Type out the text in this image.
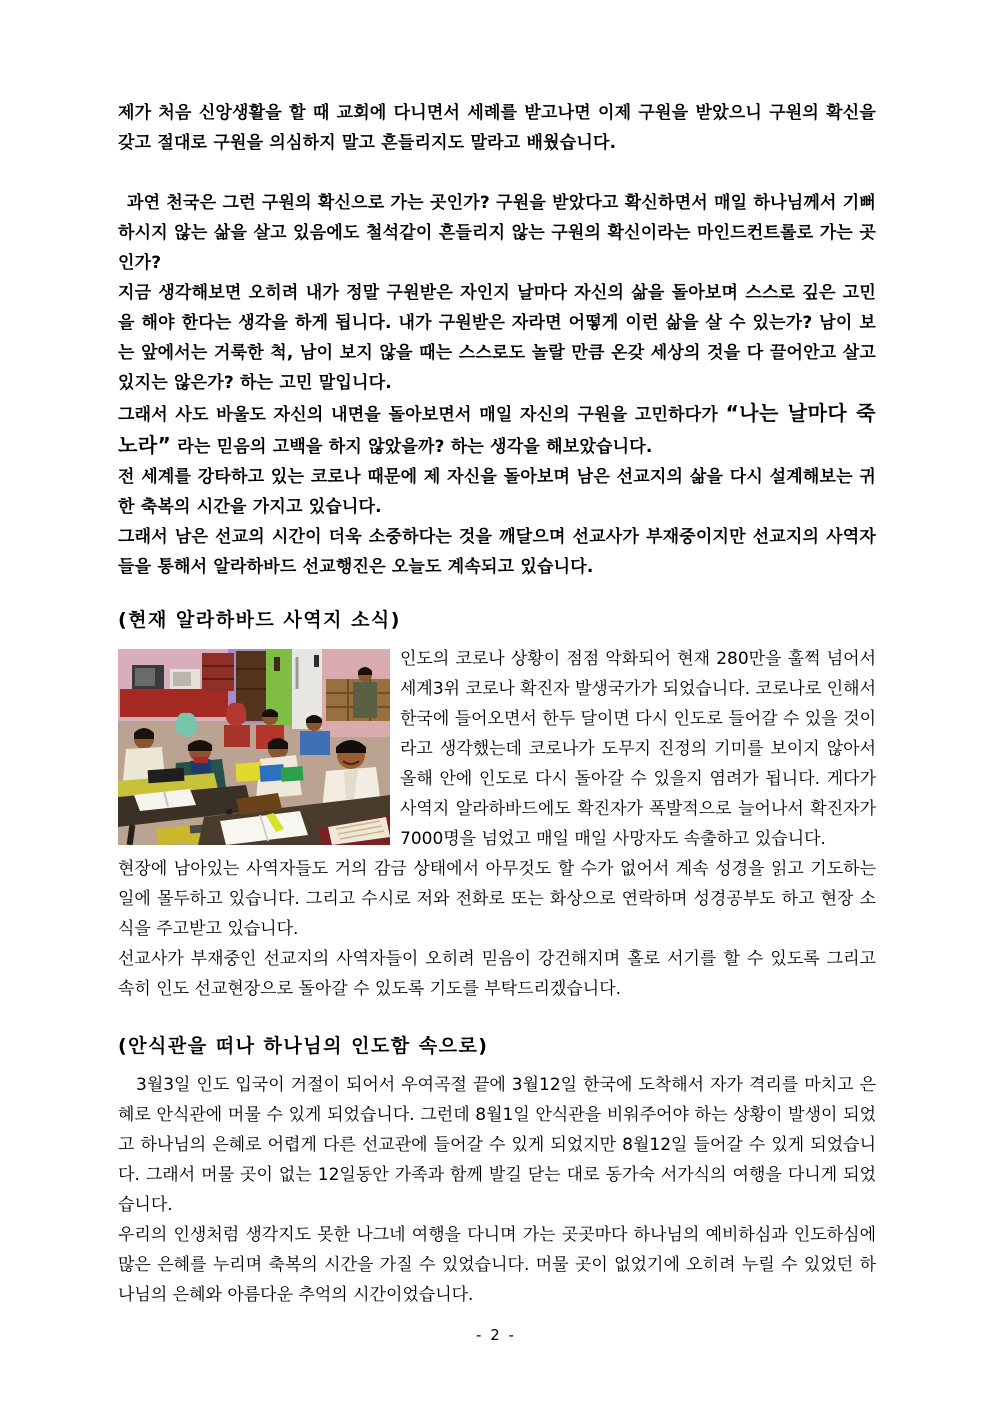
제가 처음 신앙생활을 할 때 교회에 다니면서 세례를 받고나면 이제 구원을 받았으니 구원의 확신을 갖고 절대로 구원을 의심하지 말고 흔들리지도 말라고 배웠습니다.

과연 천국은 그런 구원의 확신으로 가는 곳인가? 구원을 받았다고 확신하면서 매일 하나님께서 기뻐하시지 않는 삶을 살고 있음에도 철석같이 흔들리지 않는 구원의 확신이라는 마인드컨트롤로 가는 곳인가?

지금 생각해보면 오히려 내가 정말 구원받은 자인지 날마다 자신의 삶을 돌아보며 스스로 깊은 고민을 해야 한다는 생각을 하게 됩니다. 내가 구원받은 자라면 어떻게 이런 삶을 살 수 있는가? 남이 보는 앞에서는 거룩한 척, 남이 보지 않을 때는 스스로도 놀랄 만큼 온갖 세상의 것을 다 끌어안고 살고 있지는 않은가? 하는 고민 말입니다.

그래서 사도 바울도 자신의 내면을 돌아보면서 매일 자신의 구원을 고민하다가 “나는 날마다 죽노라” 라는 믿음의 고백을 하지 않았을까? 하는 생각을 해보았습니다.

전 세계를 강타하고 있는 코로나 때문에 제 자신을 돌아보며 남은 선교지의 삶을 다시 설계해보는 귀한 축복의 시간을 가지고 있습니다.

그래서 남은 선교의 시간이 더욱 소중하다는 것을 깨달으며 선교사가 부재중이지만 선교지의 사역자들을 통해서 알라하바드 선교행진은 오늘도 계속되고 있습니다.

(현재 알라하바드 사역지 소식)

인도의 코로나 상황이 점점 악화되어 현재 280만을 훌쩍 넘어서 세계3위 코로나 확진자 발생국가가 되었습니다. 코로나로 인해서 한국에 들어오면서 한두 달이면 다시 인도로 들어갈 수 있을 것이라고 생각했는데 코로나가 도무지 진정의 기미를 보이지 않아서 올해 안에 인도로 다시 돌아갈 수 있을지 염려가 됩니다. 게다가 사역지 알라하바드에도 확진자가 폭발적으로 늘어나서 확진자가 7000명을 넘었고 매일 매일 사망자도 속출하고 있습니다.

현장에 남아있는 사역자들도 거의 감금 상태에서 아무것도 할 수가 없어서 계속 성경을 읽고 기도하는 일에 몰두하고 있습니다. 그리고 수시로 저와 전화로 또는 화상으로 연락하며 성경공부도 하고 현장 소식을 주고받고 있습니다.

선교사가 부재중인 선교지의 사역자들이 오히려 믿음이 강건해지며 홀로 서기를 할 수 있도록 그리고 속히 인도 선교현장으로 돌아갈 수 있도록 기도를 부탁드리겠습니다.

(안식관을 떠나 하나님의 인도함 속으로)

3월3일 인도 입국이 거절이 되어서 우여곡절 끝에 3월12일 한국에 도착해서 자가 격리를 마치고 은혜로 안식관에 머물 수 있게 되었습니다. 그런데 8월1일 안식관을 비워주어야 하는 상황이 발생이 되었고 하나님의 은혜로 어렵게 다른 선교관에 들어갈 수 있게 되었지만 8월12일 들어갈 수 있게 되었습니다. 그래서 머물 곳이 없는 12일동안 가족과 함께 발길 닫는 대로 동가숙 서가식의 여행을 다니게 되었습니다.

우리의 인생처럼 생각지도 못한 나그네 여행을 다니며 가는 곳곳마다 하나님의 예비하심과 인도하심에 많은 은혜를 누리며 축복의 시간을 가질 수 있었습니다. 머물 곳이 없었기에 오히려 누릴 수 있었던 하나님의 은혜와 아름다운 추억의 시간이었습니다.

- 2 -
